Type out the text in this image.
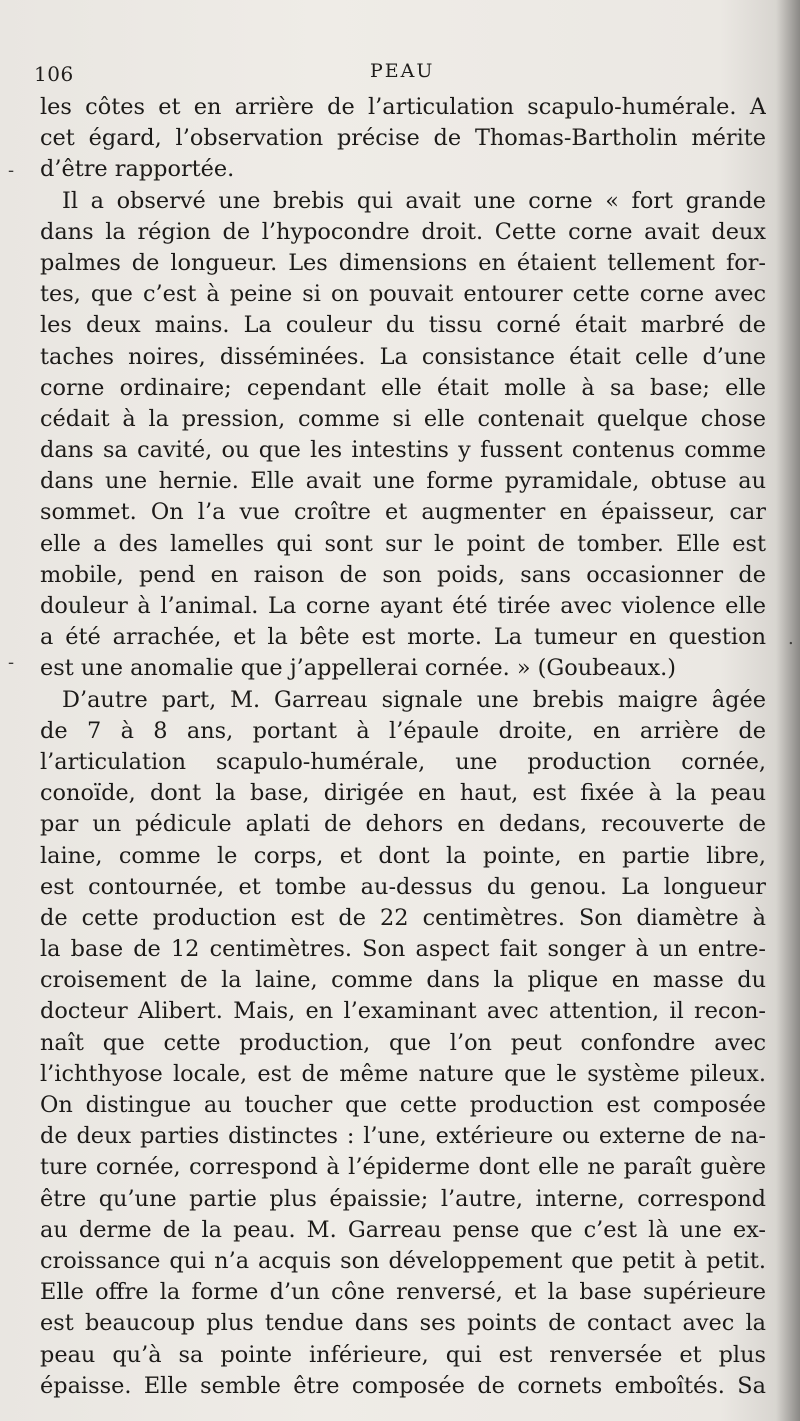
106	PEAU
-
-
.
les côtes et en arrière de l’articulation scapulo-humérale. A
cet égard, l’observation précise de Thomas-Bartholin mérite
d’être rapportée.
Il a observé une brebis qui avait une corne « fort grande
dans la région de l’hypocondre droit. Cette corne avait deux
palmes de longueur. Les dimensions en étaient tellement for-
tes, que c’est à peine si on pouvait entourer cette corne avec
les deux mains. La couleur du tissu corné était marbré de
taches noires, disséminées. La consistance était celle d’une
corne ordinaire; cependant elle était molle à sa base; elle
cédait à la pression, comme si elle contenait quelque chose
dans sa cavité, ou que les intestins y fussent contenus comme
dans une hernie. Elle avait une forme pyramidale, obtuse au
sommet. On l’a vue croître et augmenter en épaisseur, car
elle a des lamelles qui sont sur le point de tomber. Elle est
mobile, pend en raison de son poids, sans occasionner de
douleur à l’animal. La corne ayant été tirée avec violence elle
a été arrachée, et la bête est morte. La tumeur en question
est une anomalie que j’appellerai cornée. » (Goubeaux.)
D’autre part, M. Garreau signale une brebis maigre âgée
de 7 à 8 ans, portant à l’épaule droite, en arrière de
l’articulation scapulo-humérale, une production cornée,
conoïde, dont la base, dirigée en haut, est fixée à la peau
par un pédicule aplati de dehors en dedans, recouverte de
laine, comme le corps, et dont la pointe, en partie libre,
est contournée, et tombe au-dessus du genou. La longueur
de cette production est de 22 centimètres. Son diamètre à
la base de 12 centimètres. Son aspect fait songer à un entre-
croisement de la laine, comme dans la plique en masse du
docteur Alibert. Mais, en l’examinant avec attention, il recon-
naît que cette production, que l’on peut confondre avec
l’ichthyose locale, est de même nature que le système pileux.
On distingue au toucher que cette production est composée
de deux parties distinctes : l’une, extérieure ou externe de na-
ture cornée, correspond à l’épiderme dont elle ne paraît guère
être qu’une partie plus épaissie; l’autre, interne, correspond
au derme de la peau. M. Garreau pense que c’est là une ex-
croissance qui n’a acquis son développement que petit à petit.
Elle offre la forme d’un cône renversé, et la base supérieure
est beaucoup plus tendue dans ses points de contact avec la
peau qu’à sa pointe inférieure, qui est renversée et plus
épaisse. Elle semble être composée de cornets emboîtés. Sa
